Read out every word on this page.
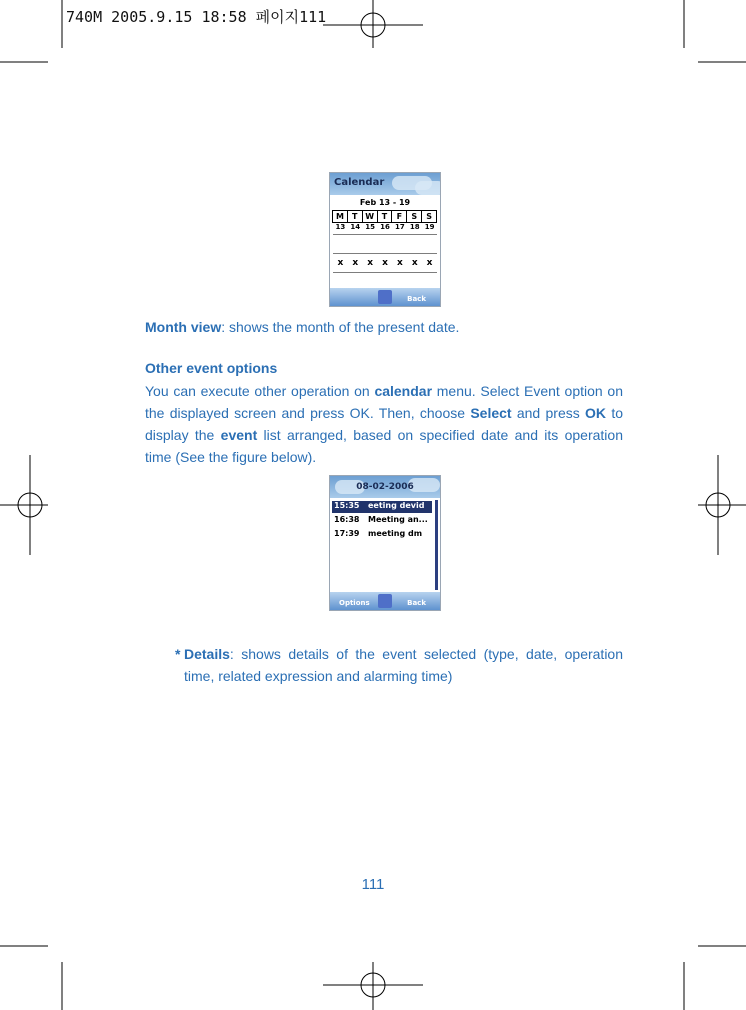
740M 2005.9.15 18:58 페이지111
Calendar
Feb 13 - 19
M	T W T	F	S	S
13 14 15 16 17 18 19
x	x	x	x	x	x	x
Back
Month view: shows the month of the present date.
Other event options
You can execute other operation on calendar menu. Select Event option on the displayed screen and press OK. Then, choose Select and press OK to display the event list arranged, based on specified date and its operation time (See the figure below).
08-02-2006
15:35 eeting devid
16:38 Meeting an...
17:39 meeting dm
Options	Back
* Details: shows details of the event selected (type, date, operation time, related expression and alarming time)
111
